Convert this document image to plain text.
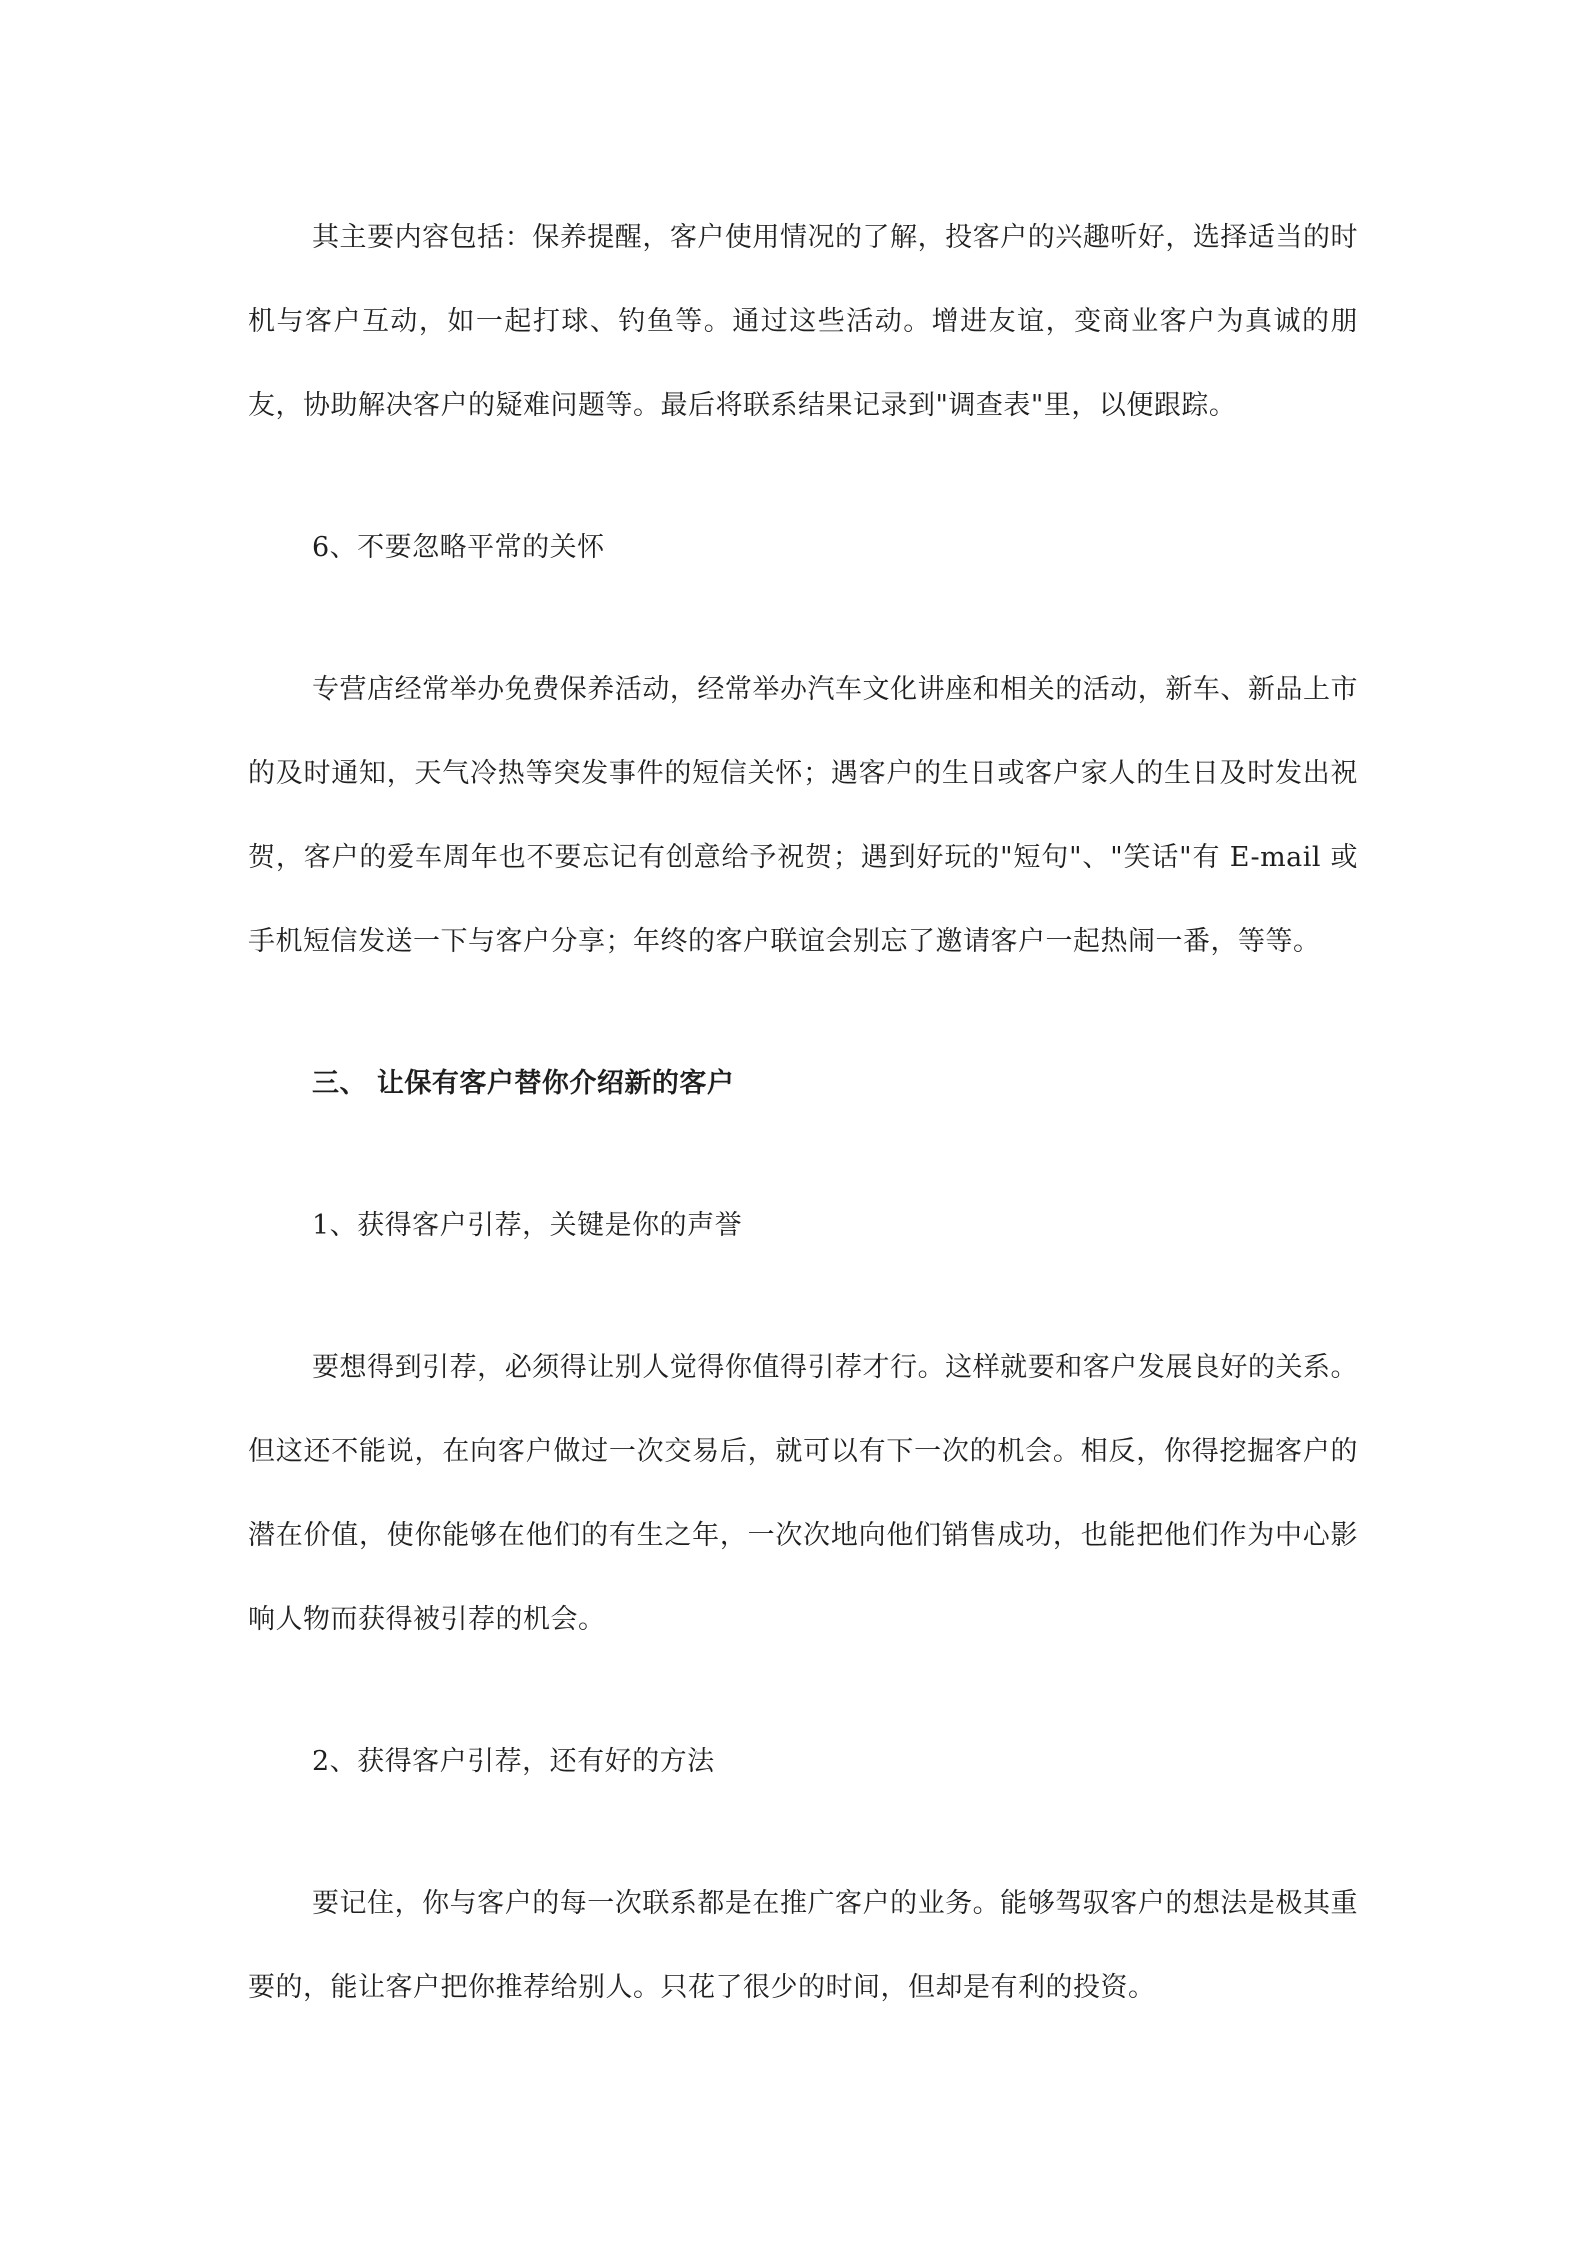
其主要内容包括：保养提醒，客户使用情况的了解，投客户的兴趣听好，选择适当的时机与客户互动，如一起打球、钓鱼等。通过这些活动。增进友谊，变商业客户为真诚的朋友，协助解决客户的疑难问题等。最后将联系结果记录到"调查表"里，以便跟踪。

6、不要忽略平常的关怀

专营店经常举办免费保养活动，经常举办汽车文化讲座和相关的活动，新车、新品上市的及时通知，天气冷热等突发事件的短信关怀；遇客户的生日或客户家人的生日及时发出祝贺，客户的爱车周年也不要忘记有创意给予祝贺；遇到好玩的"短句"、"笑话"有 E-mail 或手机短信发送一下与客户分享；年终的客户联谊会别忘了邀请客户一起热闹一番，等等。

三、 让保有客户替你介绍新的客户

1、获得客户引荐，关键是你的声誉

要想得到引荐，必须得让别人觉得你值得引荐才行。这样就要和客户发展良好的关系。但这还不能说，在向客户做过一次交易后，就可以有下一次的机会。相反，你得挖掘客户的潜在价值，使你能够在他们的有生之年，一次次地向他们销售成功，也能把他们作为中心影响人物而获得被引荐的机会。

2、获得客户引荐，还有好的方法

要记住，你与客户的每一次联系都是在推广客户的业务。能够驾驭客户的想法是极其重要的，能让客户把你推荐给别人。只花了很少的时间，但却是有利的投资。
